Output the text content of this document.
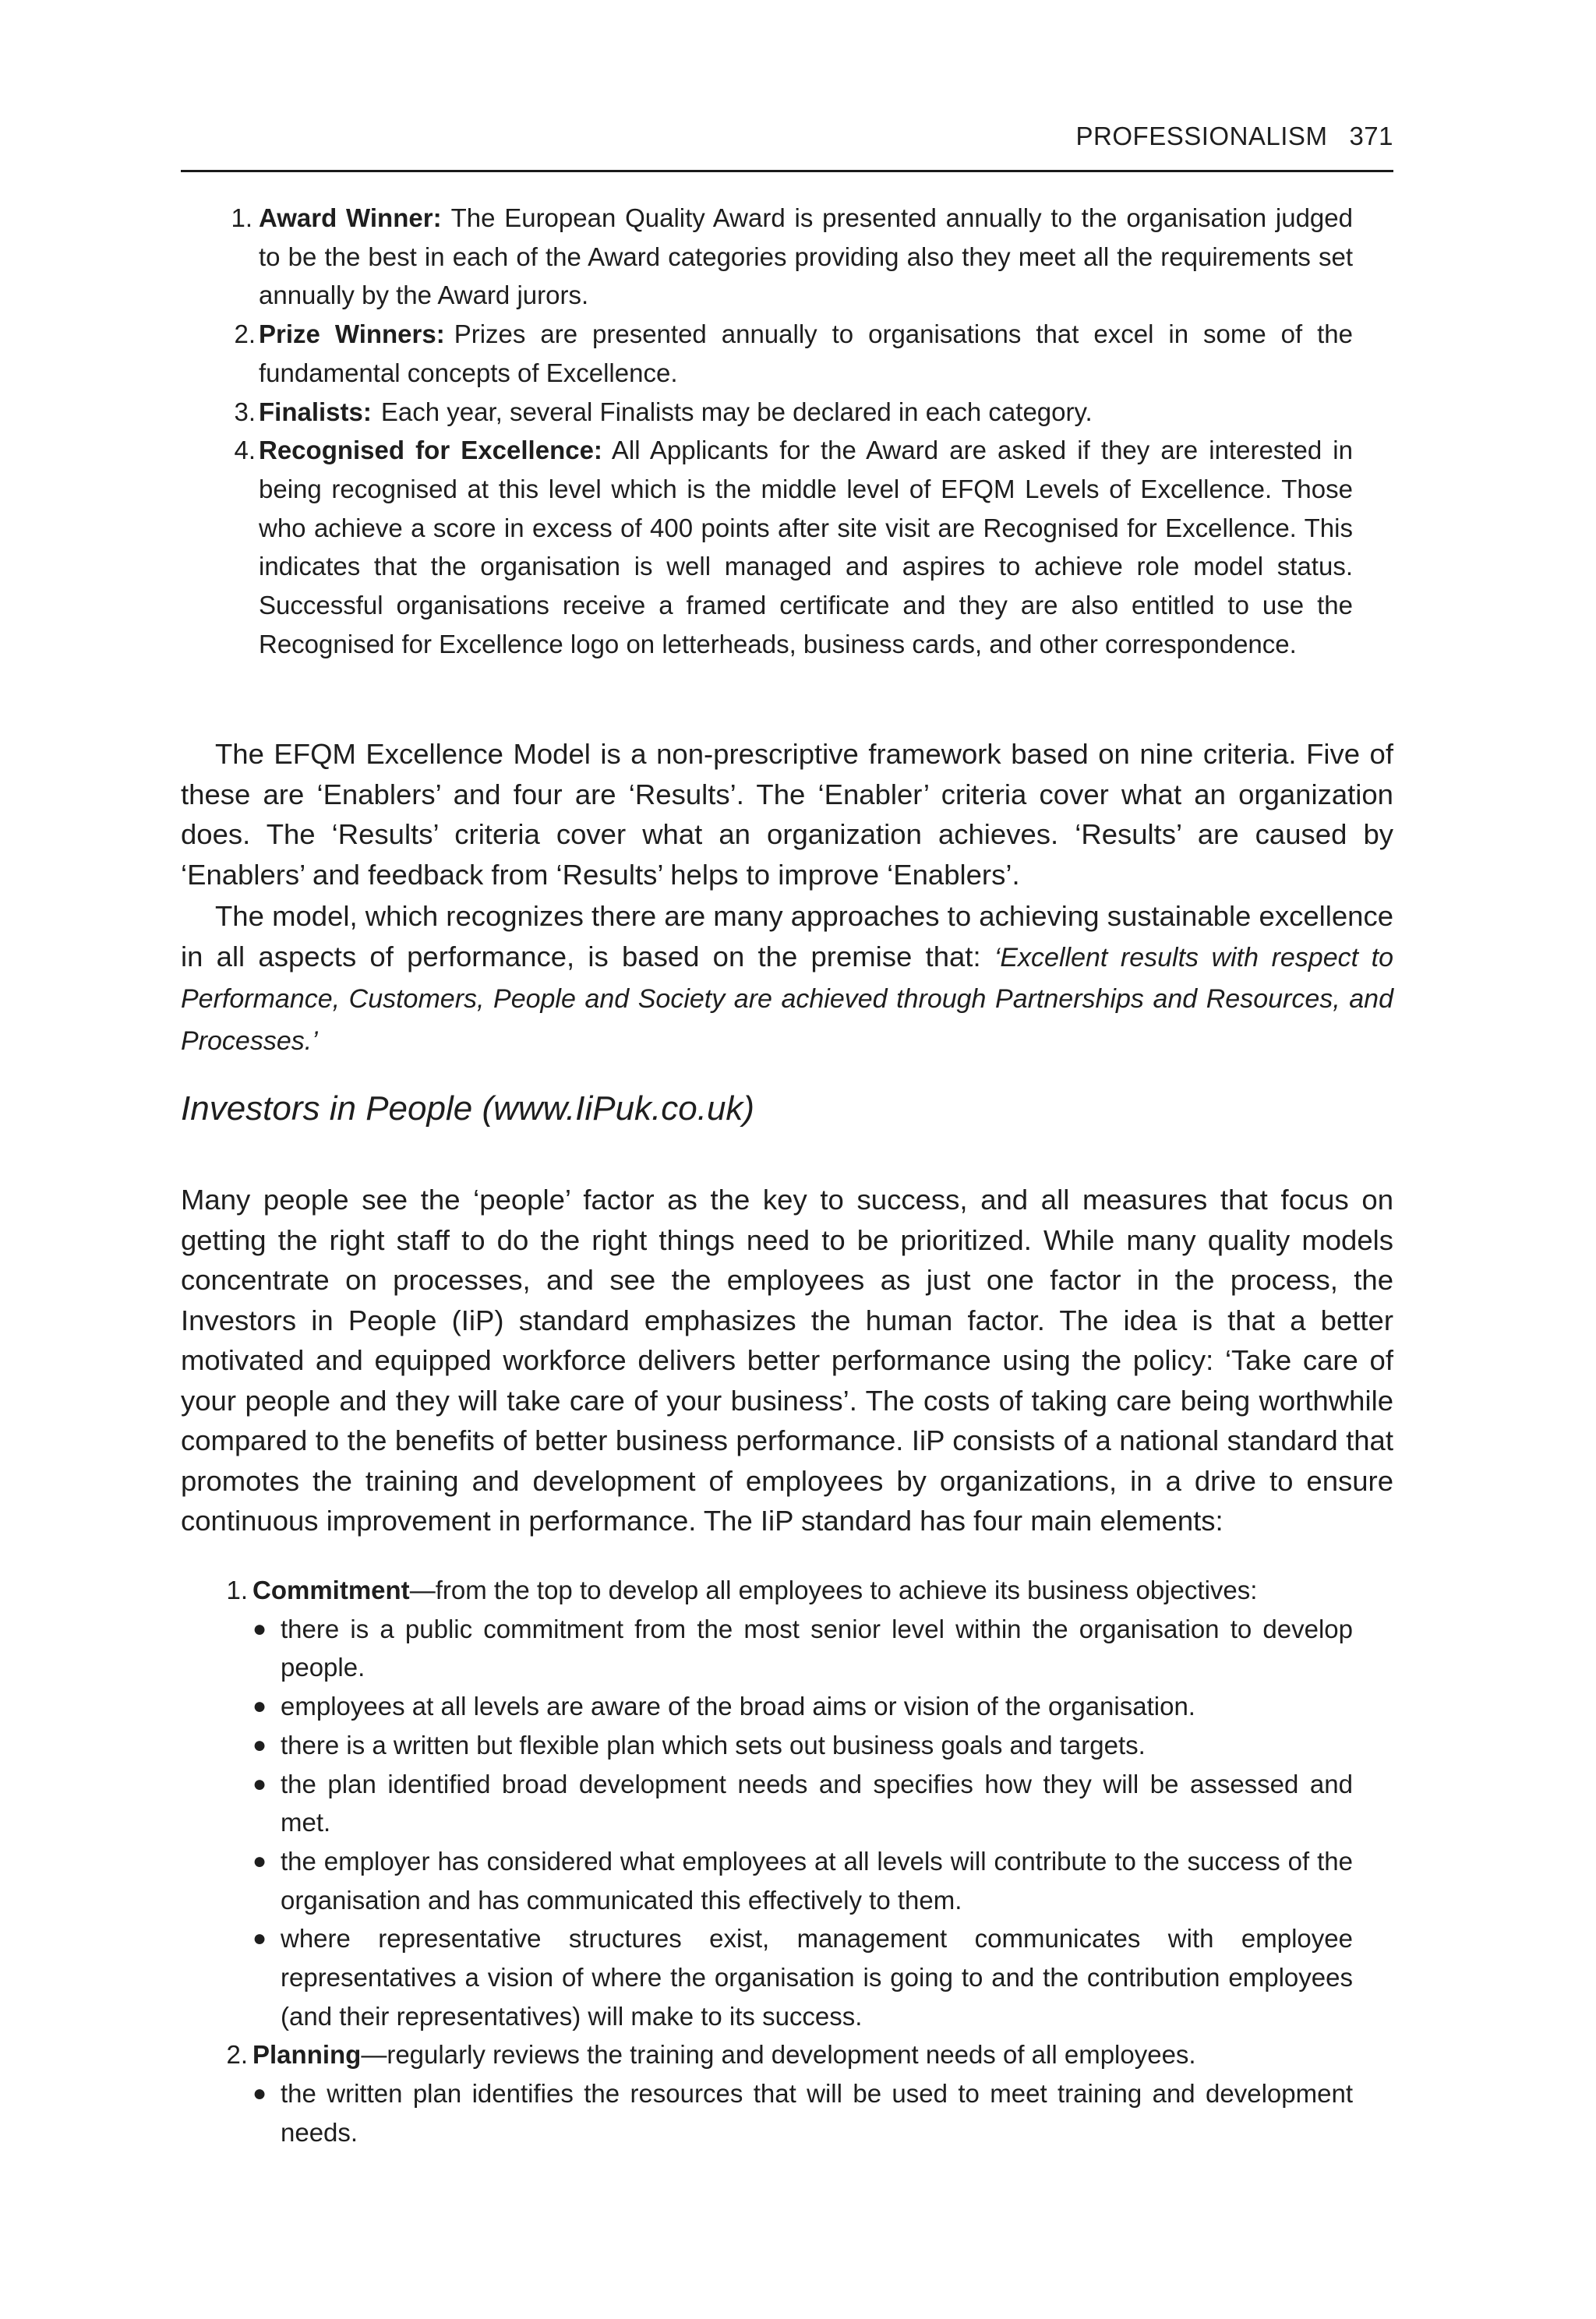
PROFESSIONALISM 371
1. Award Winner: The European Quality Award is presented annually to the organisation judged to be the best in each of the Award categories providing also they meet all the requirements set annually by the Award jurors.
2. Prize Winners: Prizes are presented annually to organisations that excel in some of the fundamental concepts of Excellence.
3. Finalists: Each year, several Finalists may be declared in each category.
4. Recognised for Excellence: All Applicants for the Award are asked if they are interested in being recognised at this level which is the middle level of EFQM Levels of Excellence. Those who achieve a score in excess of 400 points after site visit are Recognised for Excellence. This indicates that the organisation is well managed and aspires to achieve role model status. Successful organisations receive a framed certificate and they are also entitled to use the Recognised for Excellence logo on letterheads, business cards, and other correspondence.

The EFQM Excellence Model is a non-prescriptive framework based on nine criteria. Five of these are ‘Enablers’ and four are ‘Results’. The ‘Enabler’ criteria cover what an organization does. The ‘Results’ criteria cover what an organization achieves. ‘Results’ are caused by ‘Enablers’ and feedback from ‘Results’ helps to improve ‘Enablers’.

The model, which recognizes there are many approaches to achieving sustainable excellence in all aspects of performance, is based on the premise that: ‘Excellent results with respect to Performance, Customers, People and Society are achieved through Partnerships and Resources, and Processes.’

Investors in People (www.IiPuk.co.uk)

Many people see the ‘people’ factor as the key to success, and all measures that focus on getting the right staff to do the right things need to be prioritized. While many quality models concentrate on processes, and see the employees as just one factor in the process, the Investors in People (IiP) standard emphasizes the human factor. The idea is that a better motivated and equipped workforce delivers better performance using the policy: ‘Take care of your people and they will take care of your business’. The costs of taking care being worthwhile compared to the benefits of better business performance. IiP consists of a national standard that promotes the training and development of employees by organizations, in a drive to ensure continuous improvement in performance. The IiP standard has four main elements:

1. Commitment—from the top to develop all employees to achieve its business objectives:
● there is a public commitment from the most senior level within the organisation to develop people.
● employees at all levels are aware of the broad aims or vision of the organisation.
● there is a written but flexible plan which sets out business goals and targets.
● the plan identified broad development needs and specifies how they will be assessed and met.
● the employer has considered what employees at all levels will contribute to the success of the organisation and has communicated this effectively to them.
● where representative structures exist, management communicates with employee representatives a vision of where the organisation is going to and the contribution employees (and their representatives) will make to its success.
2. Planning—regularly reviews the training and development needs of all employees.
● the written plan identifies the resources that will be used to meet training and development needs.
